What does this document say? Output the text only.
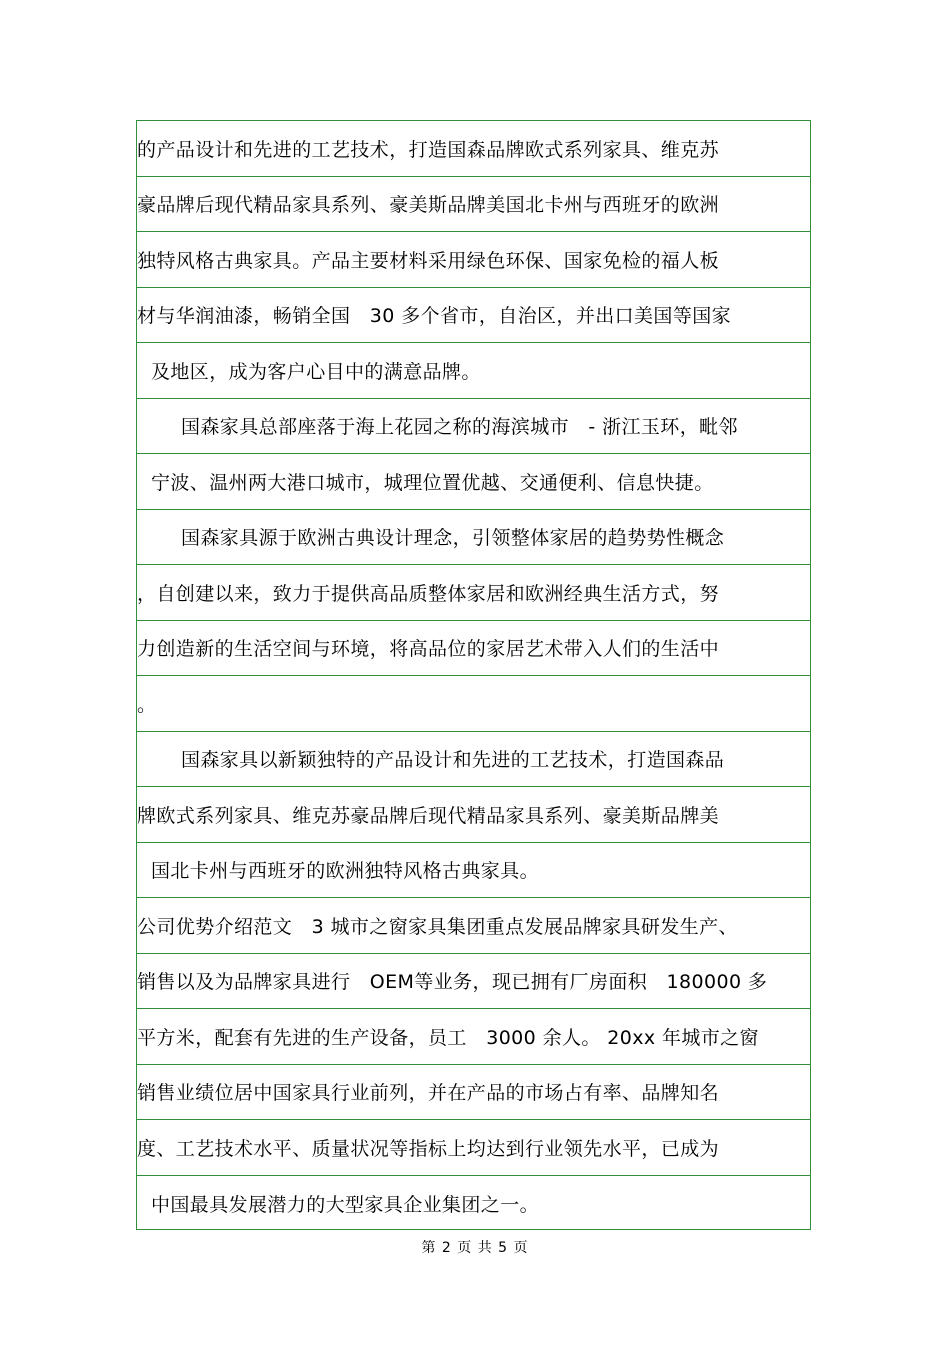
的产品设计和先进的工艺技术，打造国森品牌欧式系列家具、维克苏
豪品牌后现代精品家具系列、豪美斯品牌美国北卡州与西班牙的欧洲
独特风格古典家具。产品主要材料采用绿色环保、国家免检的福人板
材与华润油漆，畅销全国　30 多个省市，自治区，并出口美国等国家
及地区，成为客户心目中的满意品牌。
国森家具总部座落于海上花园之称的海滨城市　- 浙江玉环，毗邻
宁波、温州两大港口城市，城理位置优越、交通便利、信息快捷。
国森家具源于欧洲古典设计理念，引领整体家居的趋势势性概念
，自创建以来，致力于提供高品质整体家居和欧洲经典生活方式，努
力创造新的生活空间与环境，将高品位的家居艺术带入人们的生活中
。
国森家具以新颖独特的产品设计和先进的工艺技术，打造国森品
牌欧式系列家具、维克苏豪品牌后现代精品家具系列、豪美斯品牌美
国北卡州与西班牙的欧洲独特风格古典家具。
公司优势介绍范文　3 城市之窗家具集团重点发展品牌家具研发生产、
销售以及为品牌家具进行　OEM等业务，现已拥有厂房面积　180000 多
平方米，配套有先进的生产设备，员工　3000 余人。 20xx 年城市之窗
销售业绩位居中国家具行业前列，并在产品的市场占有率、品牌知名
度、工艺技术水平、质量状况等指标上均达到行业领先水平，已成为
中国最具发展潜力的大型家具企业集团之一。
第 2 页 共 5 页
